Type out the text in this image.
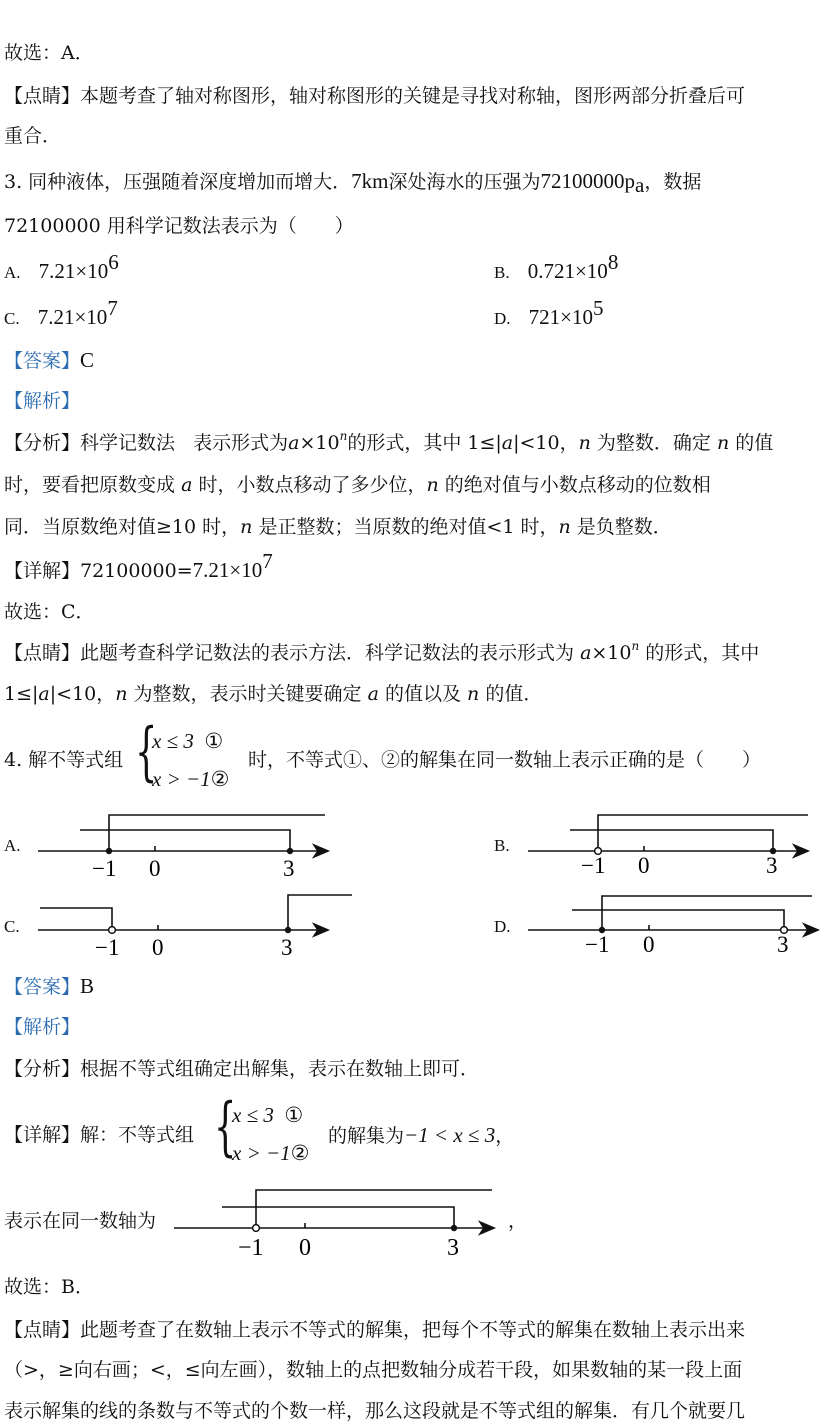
故选：A．
【点睛】本题考查了轴对称图形，轴对称图形的关键是寻找对称轴，图形两部分折叠后可
重合．
3. 同种液体，压强随着深度增加而增大．7km深处海水的压强为$72100000p_a$，数据
72100000 用科学记数法表示为（　　）
A. $7.21\times 10^6$	B. $0.721\times 10^8$
C. $7.21\times 10^7$	D. $721\times 10^5$
【答案】C
【解析】
【分析】科学记数法 表示形式为$a\times 10^n$的形式，其中 1≤|a|<10，n 为整数．确定 n 的值
时，要看把原数变成 a 时，小数点移动了多少位，n 的绝对值与小数点移动的位数相
同．当原数绝对值≥10 时，n 是正整数；当原数的绝对值<1 时，n 是负整数．
【详解】$72100000=7.21\times 10^7$
故选：C．
【点睛】此题考查科学记数法的表示方法．科学记数法的表示形式为 $a\times 10^n$ 的形式，其中
1≤|a|<10，n 为整数，表示时关键要确定 a 的值以及 n 的值．
4. 解不等式组 {
x ≤ 3 ①
x > −1②
时，不等式①、②的解集在同一数轴上表示正确的是（　　）
A.	B.
C.	D.
−1 0	3	−1 0	3
−1 0	3	−1 0	3
【答案】B
【解析】
【分析】根据不等式组确定出解集，表示在数轴上即可．
【详解】解：不等式组 {
x ≤ 3 ①
x > −1②
的解集为−1 < x ≤ 3，
表示在同一数轴为
−1 0	3
，
故选：B．
【点睛】此题考查了在数轴上表示不等式的解集，把每个不等式的解集在数轴上表示出来
（>，≥向右画；<，≤向左画），数轴上的点把数轴分成若干段，如果数轴的某一段上面
表示解集的线的条数与不等式的个数一样，那么这段就是不等式组的解集．有几个就要几
